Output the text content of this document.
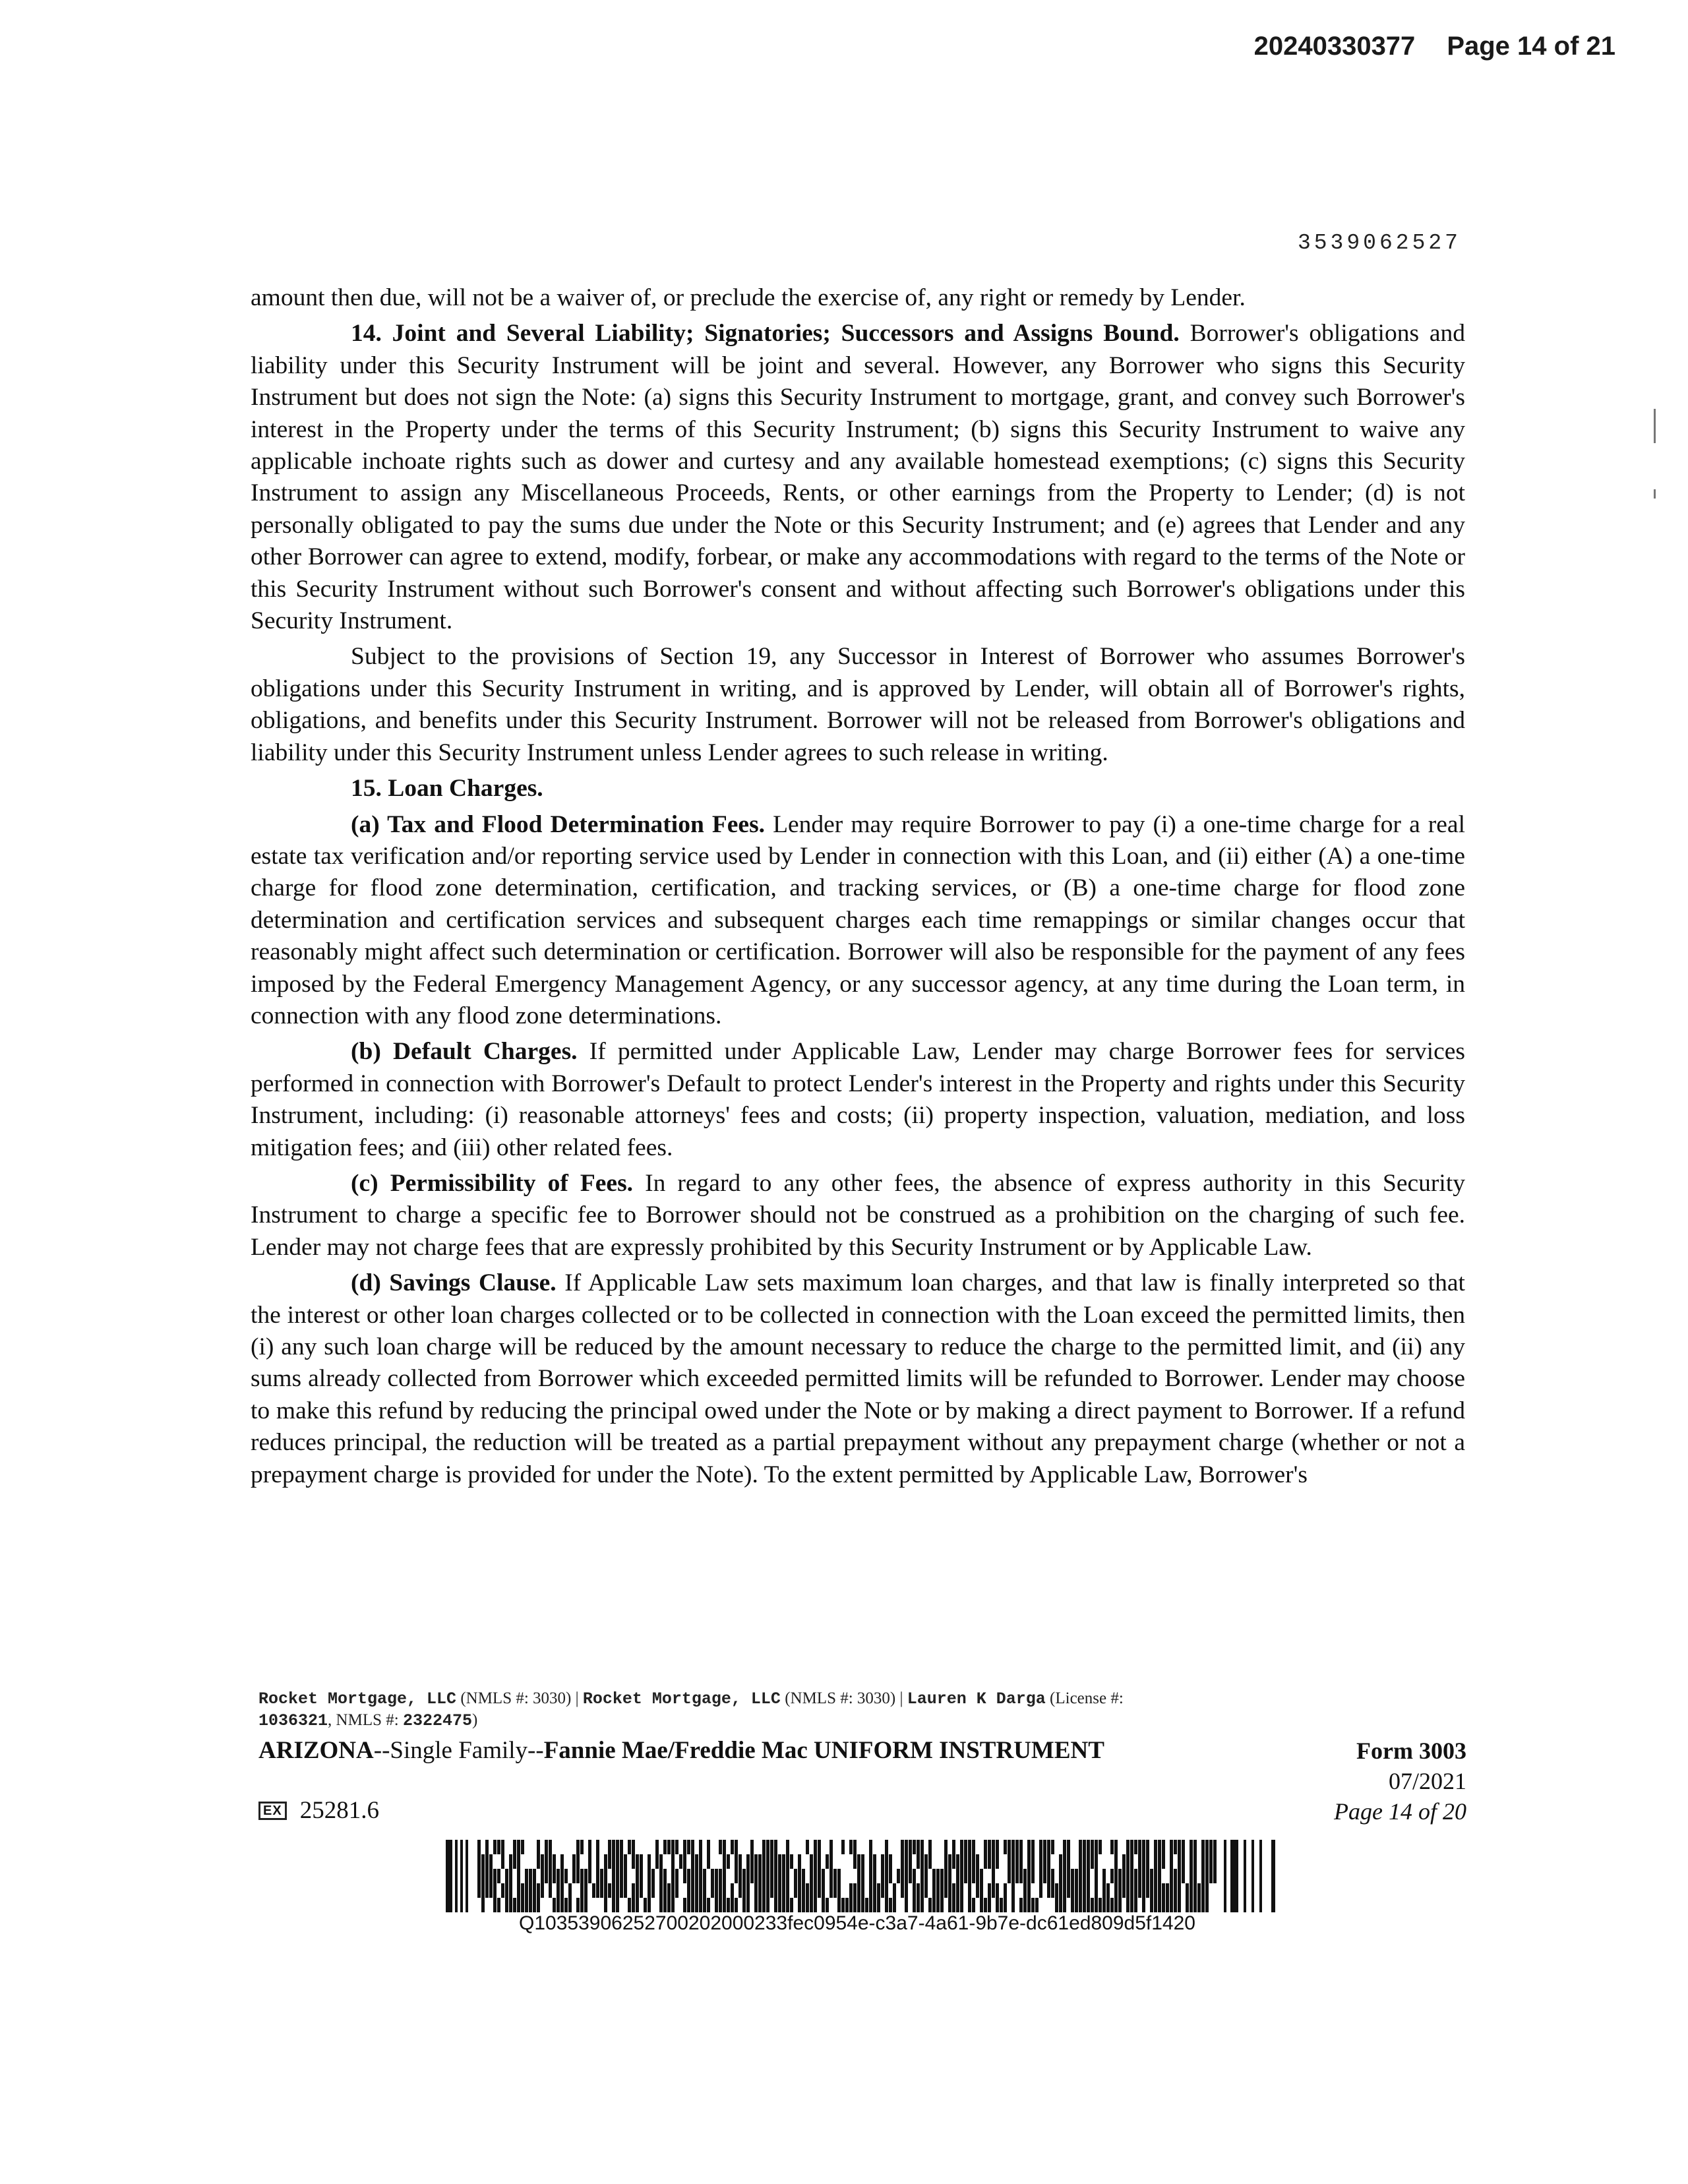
20240330377 Page 14 of 21
3539062527

amount then due, will not be a waiver of, or preclude the exercise of, any right or remedy by Lender.

14. Joint and Several Liability; Signatories; Successors and Assigns Bound. Borrower's obligations and liability under this Security Instrument will be joint and several. However, any Borrower who signs this Security Instrument but does not sign the Note: (a) signs this Security Instrument to mortgage, grant, and convey such Borrower's interest in the Property under the terms of this Security Instrument; (b) signs this Security Instrument to waive any applicable inchoate rights such as dower and curtesy and any available homestead exemptions; (c) signs this Security Instrument to assign any Miscellaneous Proceeds, Rents, or other earnings from the Property to Lender; (d) is not personally obligated to pay the sums due under the Note or this Security Instrument; and (e) agrees that Lender and any other Borrower can agree to extend, modify, forbear, or make any accommodations with regard to the terms of the Note or this Security Instrument without such Borrower's consent and without affecting such Borrower's obligations under this Security Instrument.

Subject to the provisions of Section 19, any Successor in Interest of Borrower who assumes Borrower's obligations under this Security Instrument in writing, and is approved by Lender, will obtain all of Borrower's rights, obligations, and benefits under this Security Instrument. Borrower will not be released from Borrower's obligations and liability under this Security Instrument unless Lender agrees to such release in writing.

15. Loan Charges.

(a) Tax and Flood Determination Fees. Lender may require Borrower to pay (i) a one-time charge for a real estate tax verification and/or reporting service used by Lender in connection with this Loan, and (ii) either (A) a one-time charge for flood zone determination, certification, and tracking services, or (B) a one-time charge for flood zone determination and certification services and subsequent charges each time remappings or similar changes occur that reasonably might affect such determination or certification. Borrower will also be responsible for the payment of any fees imposed by the Federal Emergency Management Agency, or any successor agency, at any time during the Loan term, in connection with any flood zone determinations.

(b) Default Charges. If permitted under Applicable Law, Lender may charge Borrower fees for services performed in connection with Borrower's Default to protect Lender's interest in the Property and rights under this Security Instrument, including: (i) reasonable attorneys' fees and costs; (ii) property inspection, valuation, mediation, and loss mitigation fees; and (iii) other related fees.

(c) Permissibility of Fees. In regard to any other fees, the absence of express authority in this Security Instrument to charge a specific fee to Borrower should not be construed as a prohibition on the charging of such fee. Lender may not charge fees that are expressly prohibited by this Security Instrument or by Applicable Law.

(d) Savings Clause. If Applicable Law sets maximum loan charges, and that law is finally interpreted so that the interest or other loan charges collected or to be collected in connection with the Loan exceed the permitted limits, then (i) any such loan charge will be reduced by the amount necessary to reduce the charge to the permitted limit, and (ii) any sums already collected from Borrower which exceeded permitted limits will be refunded to Borrower. Lender may choose to make this refund by reducing the principal owed under the Note or by making a direct payment to Borrower. If a refund reduces principal, the reduction will be treated as a partial prepayment without any prepayment charge (whether or not a prepayment charge is provided for under the Note). To the extent permitted by Applicable Law, Borrower's

Rocket Mortgage, LLC (NMLS #: 3030) | Rocket Mortgage, LLC (NMLS #: 3030) | Lauren K Darga (License #:
1036321, NMLS #: 2322475)
ARIZONA--Single Family--Fannie Mae/Freddie Mac UNIFORM INSTRUMENT	Form 3003
07/2021
Page 14 of 20
EX 25281.6
Q10353906252700202000233fec0954e-c3a7-4a61-9b7e-dc61ed809d5f1420
